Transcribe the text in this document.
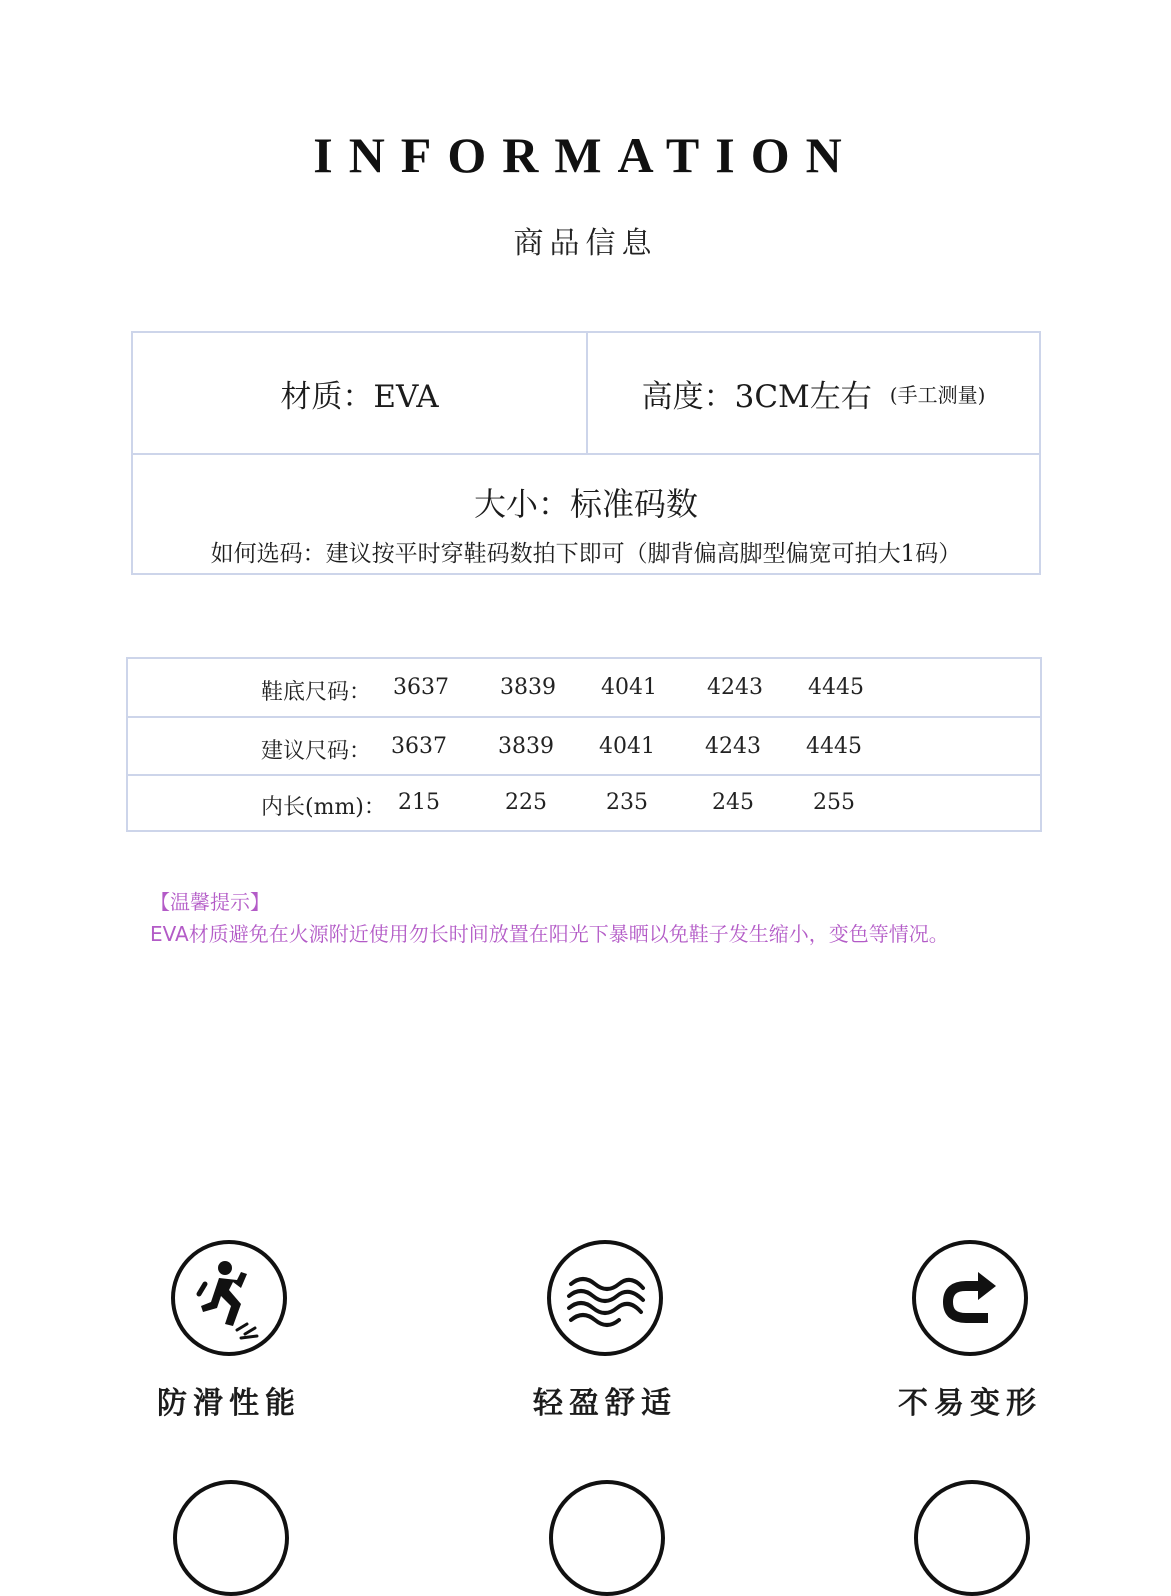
INFORMATION
商品信息
材质：EVA	高度：3CM左右 (手工测量)
大小：标准码数
如何选码：建议按平时穿鞋码数拍下即可（脚背偏高脚型偏宽可拍大1码）
鞋底尺码： 3637 3839 4041 4243 4445
建议尺码： 3637 3839 4041 4243 4445
内长(mm)： 215	225	235	245	255
【温馨提示】
EVA材质避免在火源附近使用勿长时间放置在阳光下暴晒以免鞋子发生缩小，变色等情况。
防滑性能	轻盈舒适	不易变形
